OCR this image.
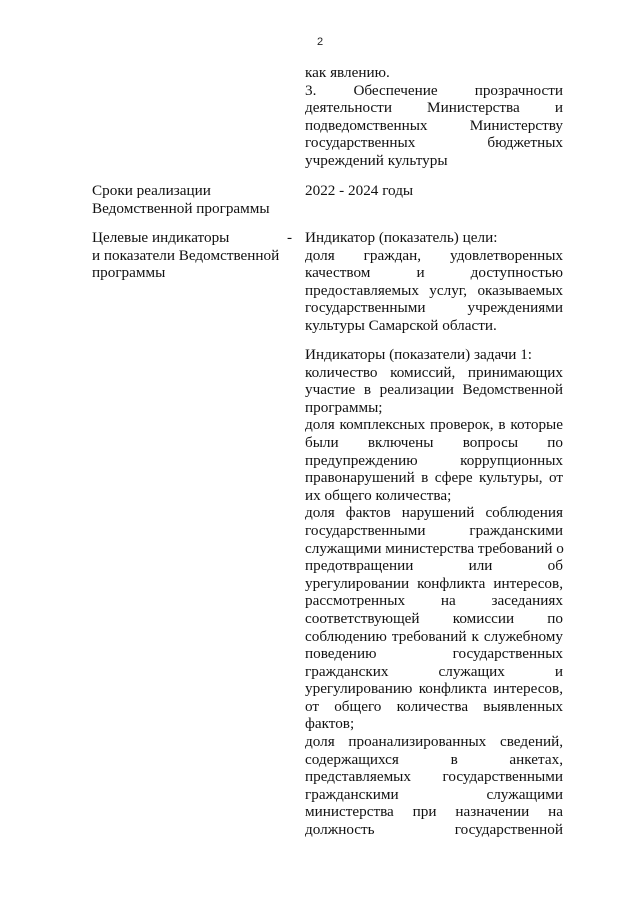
2
как явлению.
3. Обеспечение прозрачности
деятельности Министерства и
подведомственных Министерству
государственных бюджетных
учреждений культуры
Сроки реализации
Ведомственной программы
2022 - 2024 годы
Целевые индикаторы
и показатели Ведомственной
программы
- Индикатор (показатель) цели:
доля граждан, удовлетворенных
качеством и доступностью
предоставляемых услуг, оказываемых
государственными учреждениями
культуры Самарской области.
Индикаторы (показатели) задачи 1:
количество комиссий, принимающих
участие в реализации Ведомственной
программы;
доля комплексных проверок, в которые
были включены вопросы по
предупреждению коррупционных
правонарушений в сфере культуры, от
их общего количества;
доля фактов нарушений соблюдения
государственными гражданскими
служащими министерства требований о
предотвращении или об
урегулировании конфликта интересов,
рассмотренных на заседаниях
соответствующей комиссии по
соблюдению требований к служебному
поведению государственных
гражданских служащих и
урегулированию конфликта интересов,
от общего количества выявленных
фактов;
доля проанализированных сведений,
содержащихся в анкетах,
представляемых государственными
гражданскими служащими
министерства при назначении на
должность государственной
